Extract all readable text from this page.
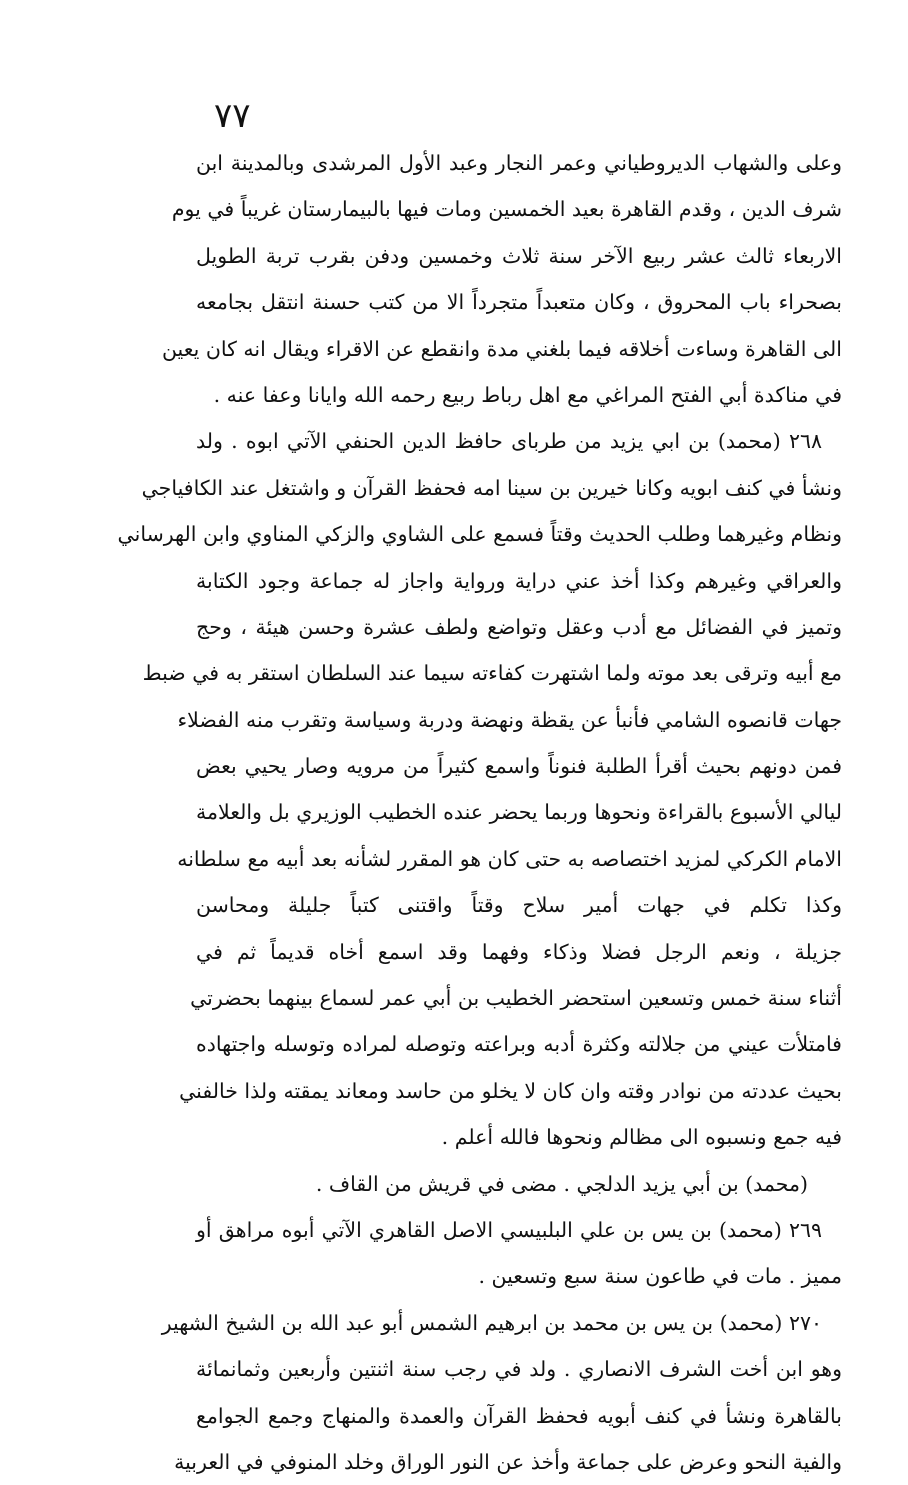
٧٧
وعلى والشهاب الديروطياني وعمر النجار وعبد الأول المرشدى وبالمدينة ابن
شرف الدين ، وقدم القاهرة بعيد الخمسين ومات فيها بالبيمارستان غريباً في يوم
الاربعاء ثالث عشر ربيع الآخر سنة ثلاث وخمسين ودفن بقرب تربة الطويل
بصحراء باب المحروق ، وكان متعبداً متجرداً الا من كتب حسنة انتقل بجامعه
الى القاهرة وساءت أخلاقه فيما بلغني مدة وانقطع عن الاقراء ويقال انه كان يعين
في مناكدة أبي الفتح المراغي مع اهل رباط ربيع رحمه الله وايانا وعفا عنه .
٢٦٨ (محمد) بن ابي يزيد من طرباى حافظ الدين الحنفي الآتي ابوه . ولد
ونشأ في كنف ابويه وكانا خيرين بن سينا امه فحفظ القرآن و واشتغل عند الكافياجي
ونظام وغيرهما وطلب الحديث وقتاً فسمع على الشاوي والزكي المناوي وابن الهرساني
والعراقي وغيرهم وكذا أخذ عني دراية ورواية واجاز له جماعة وجود الكتابة
وتميز في الفضائل مع أدب وعقل وتواضع ولطف عشرة وحسن هيئة ، وحج
مع أبيه وترقى بعد موته ولما اشتهرت كفاءته سيما عند السلطان استقر به في ضبط
جهات قانصوه الشامي فأنبأ عن يقظة ونهضة ودربة وسياسة وتقرب منه الفضلاء
فمن دونهم بحيث أقرأ الطلبة فنوناً واسمع كثيراً من مرويه وصار يحيي بعض
ليالي الأسبوع بالقراءة ونحوها وربما يحضر عنده الخطيب الوزيري بل والعلامة
الامام الكركي لمزيد اختصاصه به حتى كان هو المقرر لشأنه بعد أبيه مع سلطانه
وكذا تكلم في جهات أمير سلاح وقتاً واقتنى كتباً جليلة ومحاسن
جزيلة ، ونعم الرجل فضلا وذكاء وفهما وقد اسمع أخاه قديماً ثم في
أثناء سنة خمس وتسعين استحضر الخطيب بن أبي عمر لسماع بينهما بحضرتي
فامتلأت عيني من جلالته وكثرة أدبه وبراعته وتوصله لمراده وتوسله واجتهاده
بحيث عددته من نوادر وقته وان كان لا يخلو من حاسد ومعاند يمقته ولذا خالفني
فيه جمع ونسبوه الى مظالم ونحوها فالله أعلم .
(محمد) بن أبي يزيد الدلجي . مضى في قريش من القاف .
٢٦٩ (محمد) بن يس بن علي البلبيسي الاصل القاهري الآتي أبوه مراهق أو
مميز . مات في طاعون سنة سبع وتسعين .
٢٧٠ (محمد) بن يس بن محمد بن ابرهيم الشمس أبو عبد الله بن الشيخ الشهير
وهو ابن أخت الشرف الانصاري . ولد في رجب سنة اثنتين وأربعين وثمانمائة
بالقاهرة ونشأ في كنف أبويه فحفظ القرآن والعمدة والمنهاج وجمع الجوامع
والفية النحو وعرض على جماعة وأخذ عن النور الوراق وخلد المنوفي في العربية
